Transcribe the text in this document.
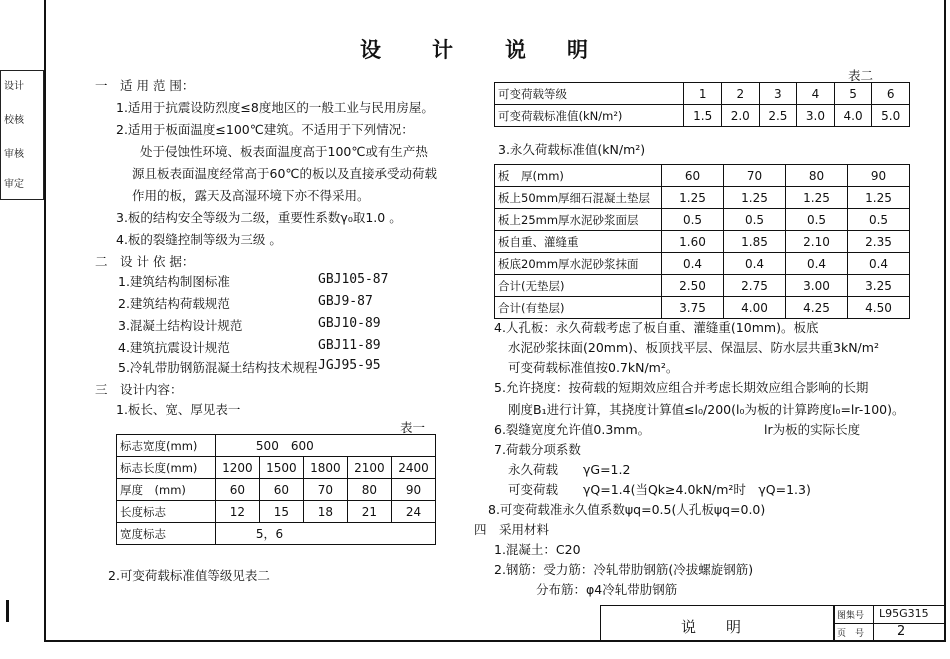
设计
校核
审核
审定
设 计 说 明
一　适 用 范 围：
1.适用于抗震设防烈度≤8度地区的一般工业与民用房屋。
2.适用于板面温度≤100℃建筑。不适用于下列情况：
处于侵蚀性环境、板表面温度高于100℃或有生产热
源且板表面温度经常高于60℃的板以及直接承受动荷载
作用的板，露天及高湿环境下亦不得采用。
3.板的结构安全等级为二级，重要性系数γ₀取1.0 。
4.板的裂缝控制等级为三级 。
二　设 计 依 据：
1.建筑结构制图标准	GBJ105-87
2.建筑结构荷载规范	GBJ9-87
3.混凝土结构设计规范	GBJ10-89
4.建筑抗震设计规范	GBJ11-89
5.冷轧带肋钢筋混凝土结构技术规程 JGJ95-95
三　设计内容：
1.板长、宽、厚见表一
表一
标志宽度(mm)	500　600				
标志长度(mm)	1200	1500	1800	2100	2400
厚度　(mm)	60	60	70	80	90
长度标志	12	15	18	21	24
宽度标志	5，6				
2.可变荷载标准值等级见表二
表二
可变荷载等级	1	2	3	4	5	6
可变荷载标准值(kN/m²)	1.5	2.0	2.5	3.0	4.0	5.0
3.永久荷载标准值(kN/m²)
板　厚(mm)	60	70	80	90
板上50mm厚细石混凝土垫层	1.25	1.25	1.25	1.25
板上25mm厚水泥砂浆面层	0.5	0.5	0.5	0.5
板自重、灌缝重	1.60	1.85	2.10	2.35
板底20mm厚水泥砂浆抹面	0.4	0.4	0.4	0.4
合计(无垫层)	2.50	2.75	3.00	3.25
合计(有垫层)	3.75	4.00	4.25	4.50
4.人孔板：永久荷载考虑了板自重、灌缝重(10mm)。板底
水泥砂浆抹面(20mm)、板顶找平层、保温层、防水层共重3kN/m²
可变荷载标准值按0.7kN/m²。
5.允许挠度：按荷载的短期效应组合并考虑长期效应组合影响的长期
刚度B₁进行计算，其挠度计算值≤l₀/200(l₀为板的计算跨度l₀=lr-100)。
lr为板的实际长度
6.裂缝宽度允许值0.3mm。
7.荷载分项系数
永久荷载　　γG=1.2
可变荷载　　γQ=1.4(当Qk≥4.0kN/m²时　γQ=1.3)
8.可变荷载准永久值系数ψq=0.5(人孔板ψq=0.0)
四　采用材料
1.混凝土：C20
2.钢筋：受力筋：冷轧带肋钢筋(冷拔螺旋钢筋)
分布筋：φ4冷轧带肋钢筋
说　　明
图集号 L95G315
页　号	2
